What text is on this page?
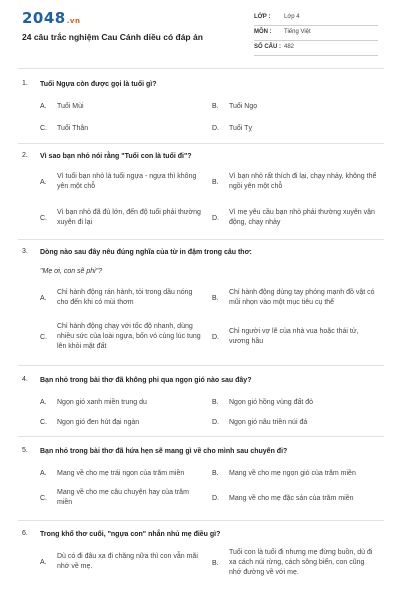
2048.vn
24 câu trắc nghiệm Cau Cánh diều có đáp án
LỚP : Lớp 4
MÔN : Tiếng Việt
SỐ CÂU : 482
1. Tuổi Ngựa còn được gọi là tuổi gì?
A. Tuổi Mùi	B. Tuổi Ngọ
C. Tuổi Thân	D. Tuổi Tỵ
2. Vì sao bạn nhỏ nói rằng "Tuổi con là tuổi đi"?
A.
Vì tuổi bạn nhỏ là tuổi ngựa - ngựa thì không yên một chỗ
B.
Vì bạn nhỏ rất thích đi lại, chạy nhảy, không thể ngồi yên một chỗ
C.
Vì bạn nhỏ đã đủ lớn, đến độ tuổi phải thường xuyên đi lại
D.
Vì mẹ yêu cầu bạn nhỏ phải thường xuyên vận động, chạy nhảy
3. Dòng nào sau đây nêu đúng nghĩa của từ in đậm trong câu thơ:
"Mẹ ơi, con sẽ phi"?
A.
Chỉ hành động rán hành, tỏi trong dầu nóng cho đến khi có mùi thơm
B.
Chỉ hành động dùng tay phóng mạnh đồ vật có mũi nhọn vào một mục tiêu cụ thể
C.
Chỉ hành động chạy với tốc độ nhanh, dùng nhiều sức của loài ngựa, bốn vó cùng lúc tung lên khỏi mặt đất
D.
Chỉ người vợ lẽ của nhà vua hoặc thái tử, vương hầu
4. Bạn nhỏ trong bài thơ đã không phi qua ngọn gió nào sau đây?
A. Ngọn gió xanh miền trung du	B. Ngọn gió hồng vùng đất đỏ
C. Ngọn gió đen hút đại ngàn	D. Ngọn gió nâu triền núi đá
5. Bạn nhỏ trong bài thơ đã hứa hẹn sẽ mang gì về cho mình sau chuyến đi?
A. Mang về cho mẹ trái ngon của trăm miền	B. Mang về cho mẹ ngọn gió của trăm miền
C.
Mang về cho mẹ câu chuyện hay của trăm miền
D. Mang về cho mẹ đặc sản của trăm miền
6. Trong khổ thơ cuối, "ngựa con" nhắn nhủ mẹ điều gì?
A.
Dù có đi đâu xa đi chăng nữa thì con vẫn mãi nhớ về mẹ.	B.
Tuổi con là tuổi đi nhưng mẹ đừng buồn, dù đi xa cách núi rừng, cách sông biển, con cũng nhớ đường về với mẹ.
